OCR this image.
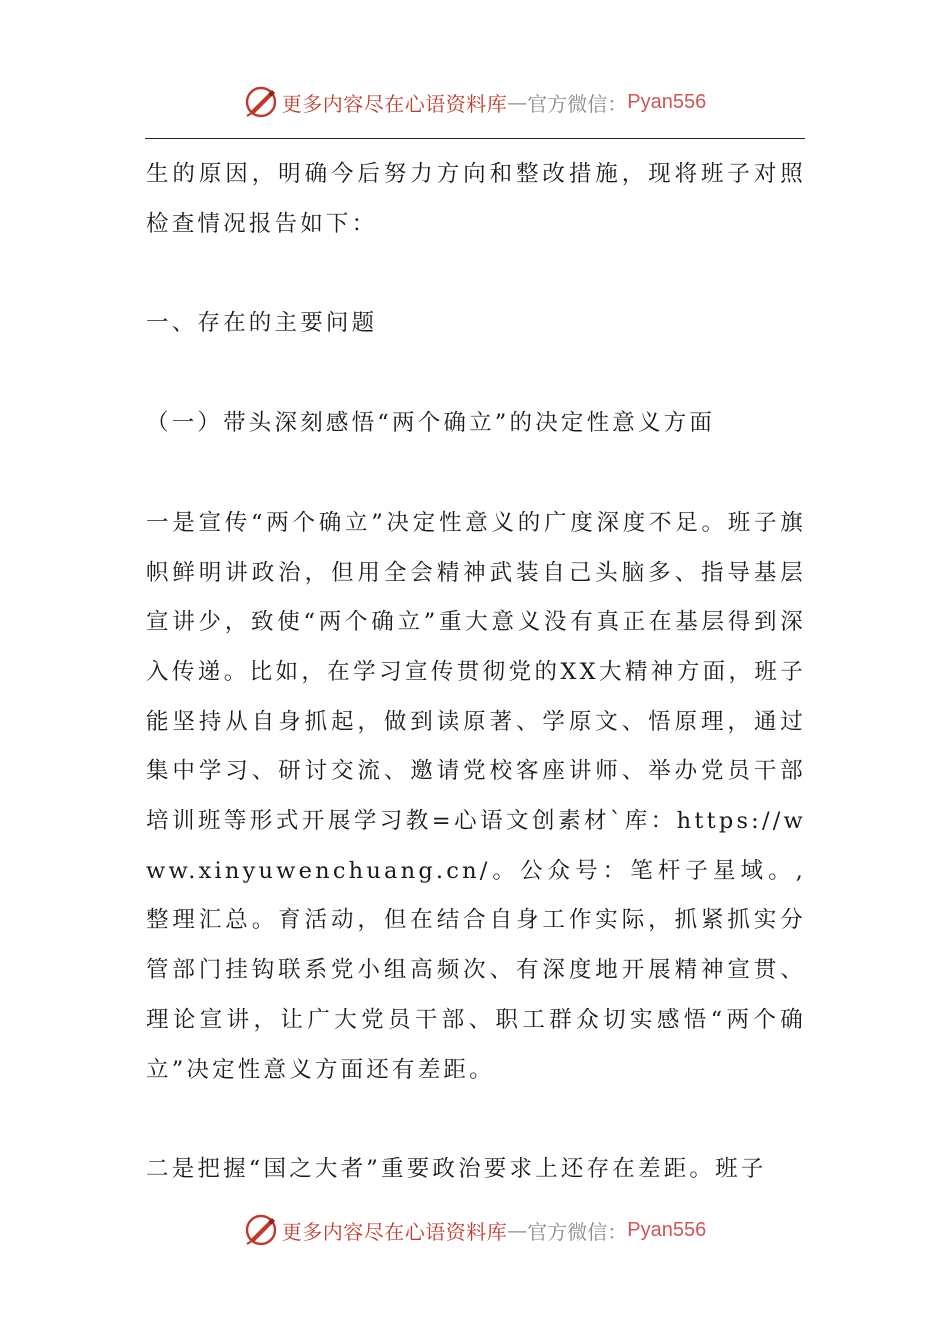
更多内容尽在心语资料库 — 官方微信： Pyan556

生的原因，明确今后努力方向和整改措施，现将班子对照检查情况报告如下：

一、存在的主要问题

（一）带头深刻感悟“两个确立”的决定性意义方面

一是宣传“两个确立”决定性意义的广度深度不足。班子旗帜鲜明讲政治，但用全会精神武装自己头脑多、指导基层宣讲少，致使“两个确立”重大意义没有真正在基层得到深入传递。比如，在学习宣传贯彻党的XX大精神方面，班子能坚持从自身抓起，做到读原著、学原文、悟原理，通过集中学习、研讨交流、邀请党校客座讲师、举办党员干部培训班等形式开展学习教=心语文创素材`库：https://www.xinyuwenchuang.cn/。公众号：笔杆子星域。,整理汇总。育活动，但在结合自身工作实际，抓紧抓实分管部门挂钩联系党小组高频次、有深度地开展精神宣贯、理论宣讲，让广大党员干部、职工群众切实感悟“两个确立”决定性意义方面还有差距。

二是把握“国之大者”重要政治要求上还存在差距。班子

更多内容尽在心语资料库 — 官方微信： Pyan556
